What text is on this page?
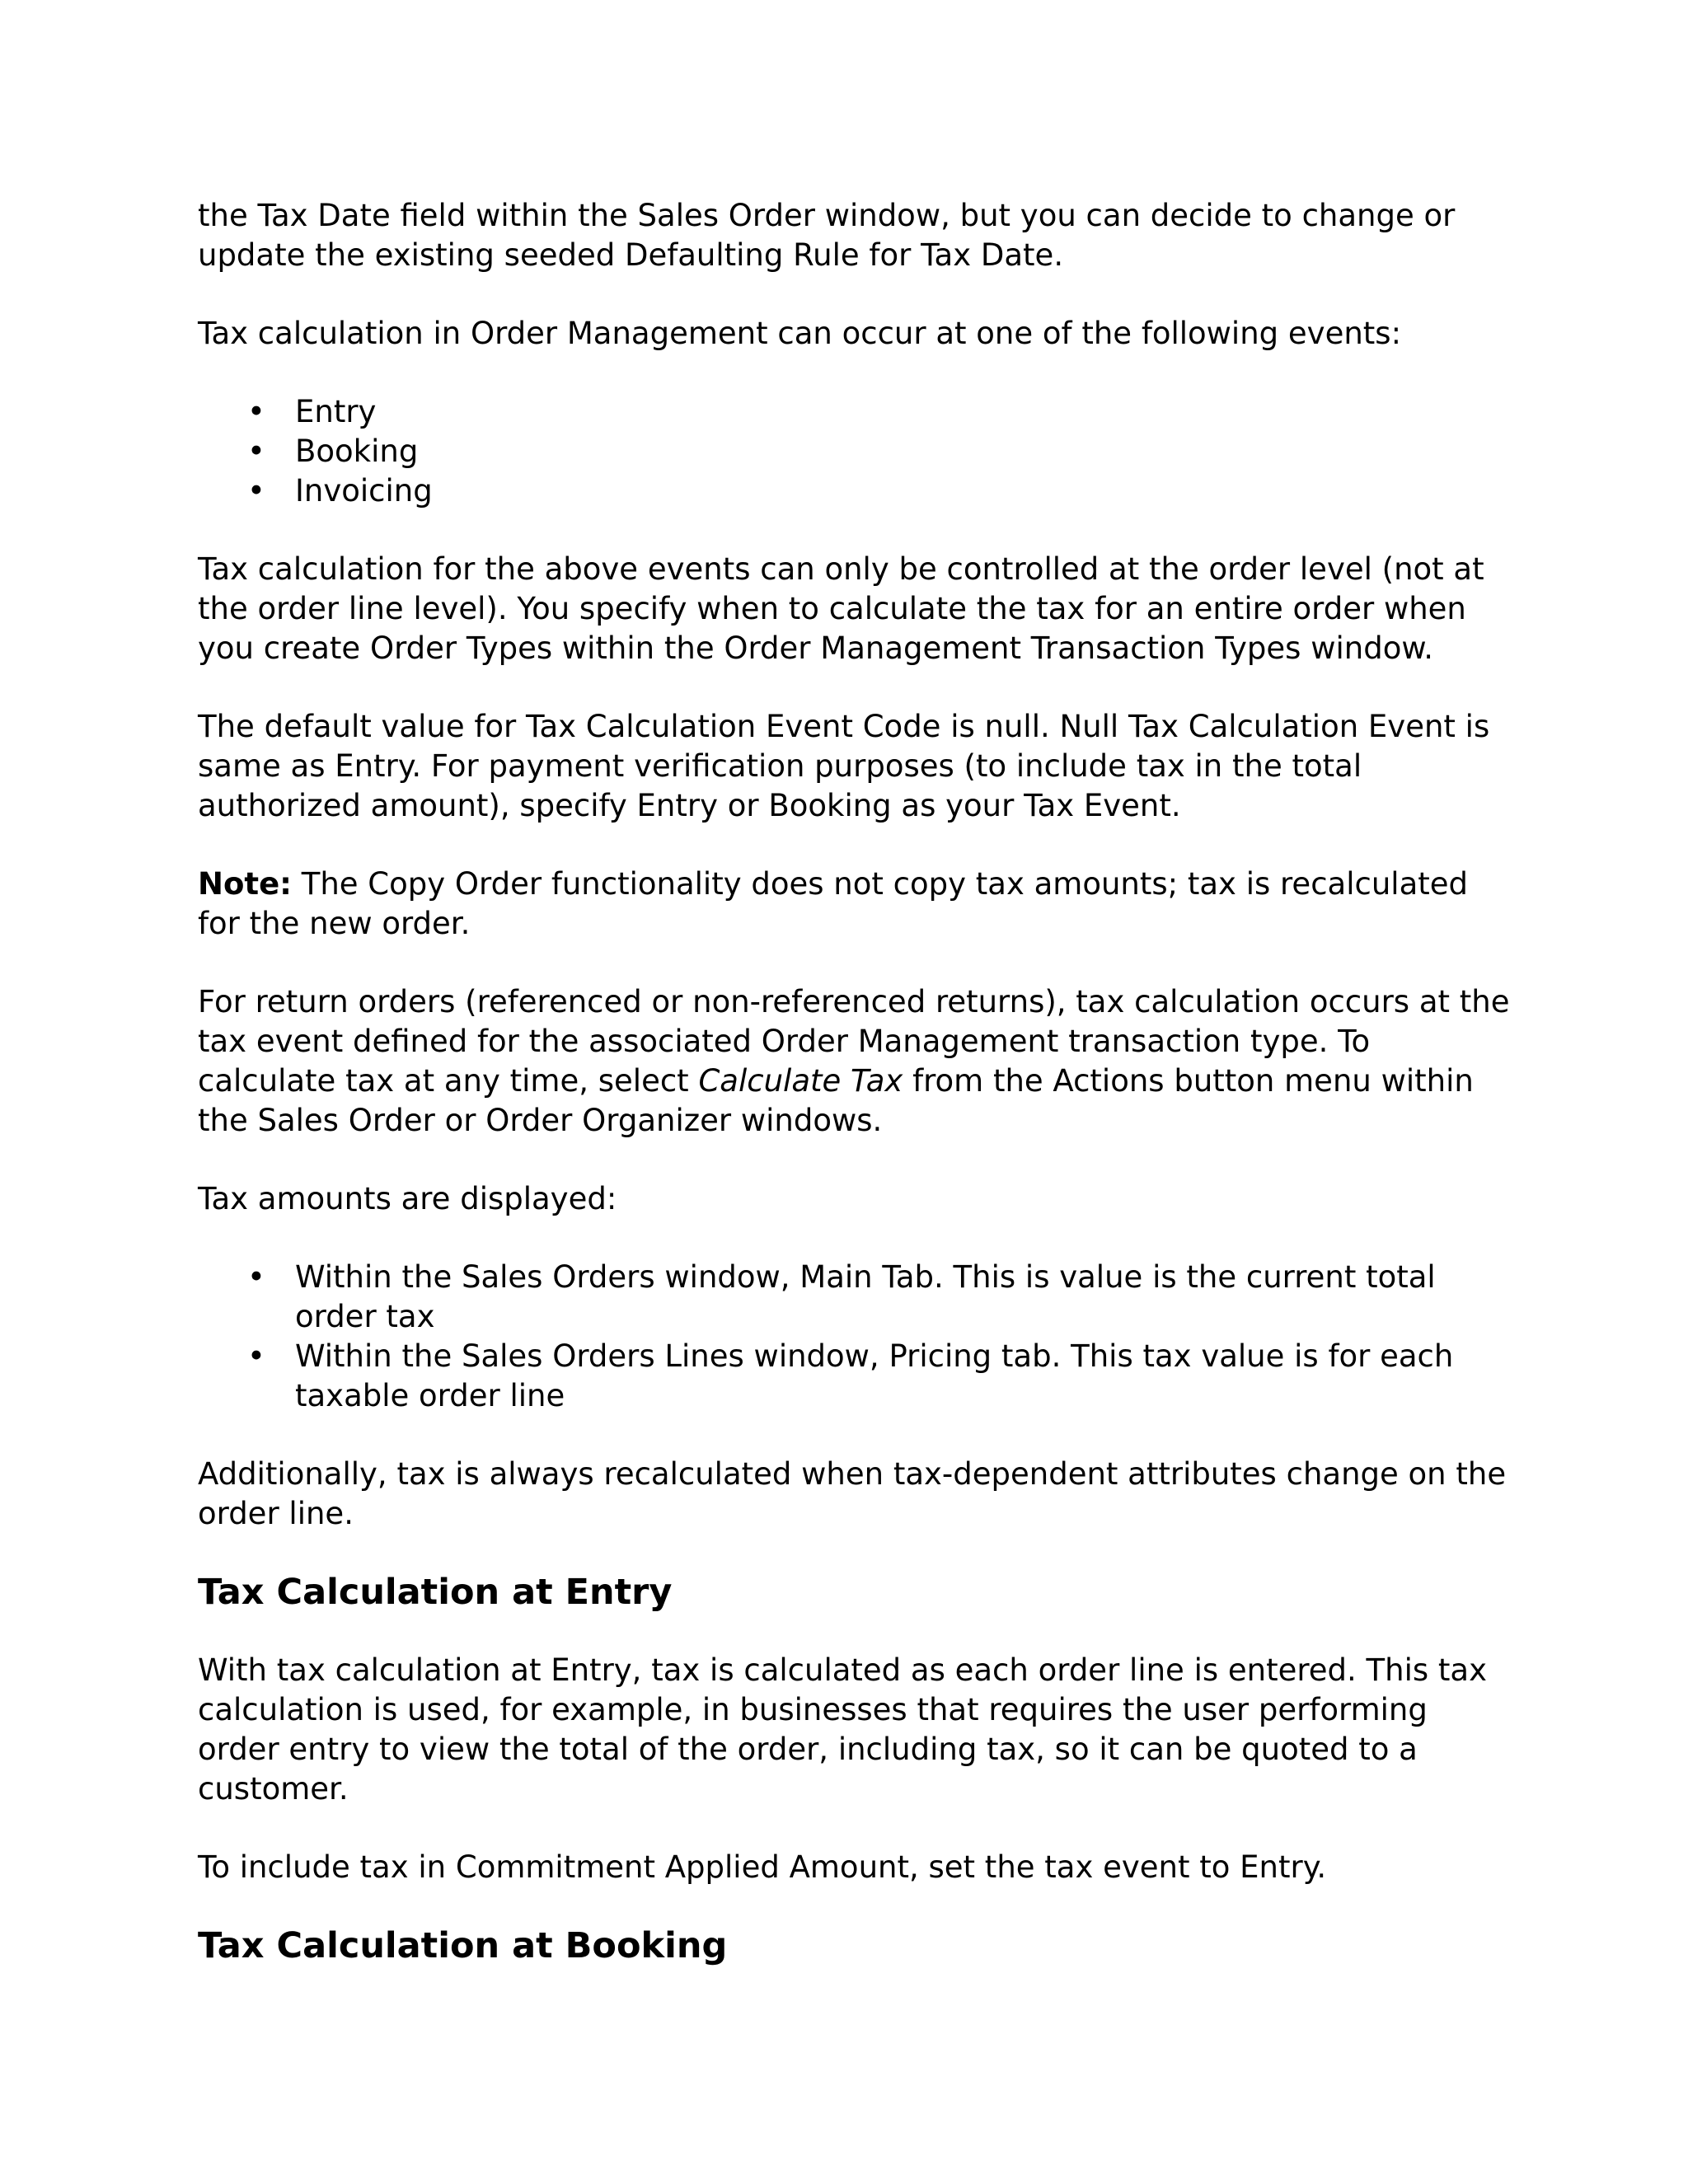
the Tax Date field within the Sales Order window, but you can decide to change or update the existing seeded Defaulting Rule for Tax Date.

Tax calculation in Order Management can occur at one of the following events:

• Entry
• Booking
• Invoicing

Tax calculation for the above events can only be controlled at the order level (not at the order line level). You specify when to calculate the tax for an entire order when you create Order Types within the Order Management Transaction Types window.

The default value for Tax Calculation Event Code is null. Null Tax Calculation Event is same as Entry. For payment verification purposes (to include tax in the total authorized amount), specify Entry or Booking as your Tax Event.

Note: The Copy Order functionality does not copy tax amounts; tax is recalculated for the new order.

For return orders (referenced or non-referenced returns), tax calculation occurs at the tax event defined for the associated Order Management transaction type. To calculate tax at any time, select Calculate Tax from the Actions button menu within the Sales Order or Order Organizer windows.

Tax amounts are displayed:

• Within the Sales Orders window, Main Tab. This is value is the current total order tax
• Within the Sales Orders Lines window, Pricing tab. This tax value is for each taxable order line

Additionally, tax is always recalculated when tax-dependent attributes change on the order line.

Tax Calculation at Entry

With tax calculation at Entry, tax is calculated as each order line is entered. This tax calculation is used, for example, in businesses that requires the user performing order entry to view the total of the order, including tax, so it can be quoted to a customer.

To include tax in Commitment Applied Amount, set the tax event to Entry.

Tax Calculation at Booking
